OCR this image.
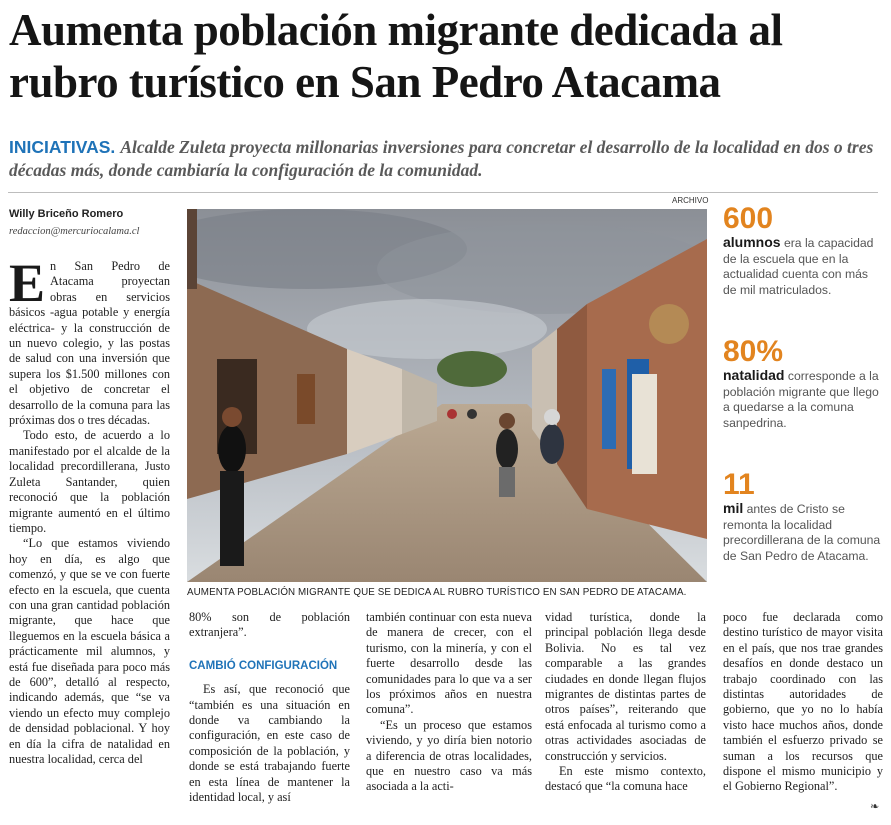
Aumenta población migrante dedicada al rubro turístico en San Pedro Atacama
INICIATIVAS. Alcalde Zuleta proyecta millonarias inversiones para concretar el desarrollo de la localidad en dos o tres décadas más, donde cambiaría la configuración de la comunidad.
Willy Briceño Romero
redaccion@mercuriocalama.cl

En San Pedro de Atacama proyectan obras en servicios básicos -agua potable y energía eléctrica- y la construcción de un nuevo colegio, y las postas de salud con una inversión que supera los $1.500 millones con el objetivo de concretar el desarrollo de la comuna para las próximas dos o tres décadas.

Todo esto, de acuerdo a lo manifestado por el alcalde de la localidad precordillerana, Justo Zuleta Santander, quien reconoció que la población migrante aumentó en el último tiempo.

“Lo que estamos viviendo hoy en día, es algo que comenzó, y que se ve con fuerte efecto en la escuela, que cuenta con una gran cantidad población migrante, que hace que lleguemos en la escuela básica a prácticamente mil alumnos, y está fue diseñada para poco más de 600”, detalló al respecto, indicando además, que “se va viendo un efecto muy complejo de densidad poblacional. Y hoy en día la cifra de natalidad en nuestra localidad, cerca del

ARCHIVO
AUMENTA POBLACIÓN MIGRANTE QUE SE DEDICA AL RUBRO TURÍSTICO EN SAN PEDRO DE ATACAMA.
600
alumnos era la capacidad de la escuela que en la actualidad cuenta con más de mil matriculados.
80%
natalidad corresponde a la población migrante que llego a quedarse a la comuna sanpedrina.
11
mil antes de Cristo se remonta la localidad precordillerana de la comuna de San Pedro de Atacama.

80% son de población extranjera”.

CAMBIÓ CONFIGURACIÓN

Es así, que reconoció que “también es una situación en donde va cambiando la configuración, en este caso de composición de la población, y donde se está trabajando fuerte en esta línea de mantener la identidad local, y así

también continuar con esta nueva de manera de crecer, con el turismo, con la minería, y con el fuerte desarrollo desde las comunidades para lo que va a ser los próximos años en nuestra comuna”.

“Es un proceso que estamos viviendo, y yo diría bien notorio a diferencia de otras localidades, que en nuestro caso va más asociada a la acti-

vidad turística, donde la principal población llega desde Bolivia. No es tal vez comparable a las grandes ciudades en donde llegan flujos migrantes de distintas partes de otros países”, reiterando que está enfocada al turismo como a otras actividades asociadas de construcción y servicios.

En este mismo contexto, destacó que “la comuna hace

poco fue declarada como destino turístico de mayor visita en el país, que nos trae grandes desafíos en donde destaco un trabajo coordinado con las distintas autoridades de gobierno, que yo no lo había visto hace muchos años, donde también el esfuerzo privado se suman a los recursos que dispone el mismo municipio y el Gobierno Regional”.

❧
